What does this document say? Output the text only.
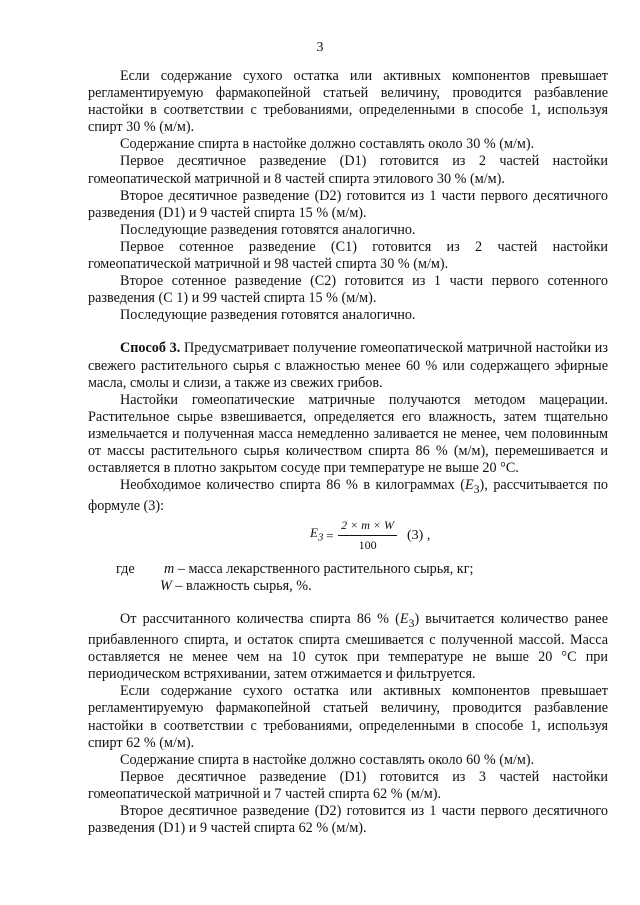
3

Если содержание сухого остатка или активных компонентов превышает регламентируемую фармакопейной статьей величину, проводится разбавление настойки в соответствии с требованиями, определенными в способе 1, используя спирт 30 % (м/м).

Содержание спирта в настойке должно составлять около 30 % (м/м).

Первое десятичное разведение (D1) готовится из 2 частей настойки гомеопатической матричной и 8 частей спирта этилового 30 % (м/м).

Второе десятичное разведение (D2) готовится из 1 части первого десятичного разведения (D1) и 9 частей спирта 15 % (м/м).

Последующие разведения готовятся аналогично.

Первое сотенное разведение (C1) готовится из 2 частей настойки гомеопатической матричной и 98 частей спирта 30 % (м/м).

Второе сотенное разведение (C2) готовится из 1 части первого сотенного разведения (C 1) и 99 частей спирта 15 % (м/м).

Последующие разведения готовятся аналогично.

Способ 3. Предусматривает получение гомеопатической матричной настойки из свежего растительного сырья с влажностью менее 60 % или содержащего эфирные масла, смолы и слизи, а также из свежих грибов.

Настойки гомеопатические матричные получаются методом мацерации. Растительное сырье взвешивается, определяется его влажность, затем тщательно измельчается и полученная масса немедленно заливается не менее, чем половинным от массы растительного сырья количеством спирта 86 % (м/м), перемешивается и оставляется в плотно закрытом сосуде при температуре не выше 20 °С.

Необходимое количество спирта 86 % в килограммах $(E_3)$, рассчитывается по формуле (3):

$E_3 = \frac{2 \times m \times W}{100} (3)$ ,
где m – масса лекарственного растительного сырья, кг;
W – влажность сырья, %.

От рассчитанного количества спирта 86 % $(E_3)$ вычитается количество ранее прибавленного спирта, и остаток спирта смешивается с полученной массой. Масса оставляется не менее чем на 10 суток при температуре не выше 20 °С при периодическом встряхивании, затем отжимается и фильтруется.

Если содержание сухого остатка или активных компонентов превышает регламентируемую фармакопейной статьей величину, проводится разбавление настойки в соответствии с требованиями, определенными в способе 1, используя спирт 62 % (м/м).

Содержание спирта в настойке должно составлять около 60 % (м/м).

Первое десятичное разведение (D1) готовится из 3 частей настойки гомеопатической матричной и 7 частей спирта 62 % (м/м).

Второе десятичное разведение (D2) готовится из 1 части первого десятичного разведения (D1) и 9 частей спирта 62 % (м/м).
